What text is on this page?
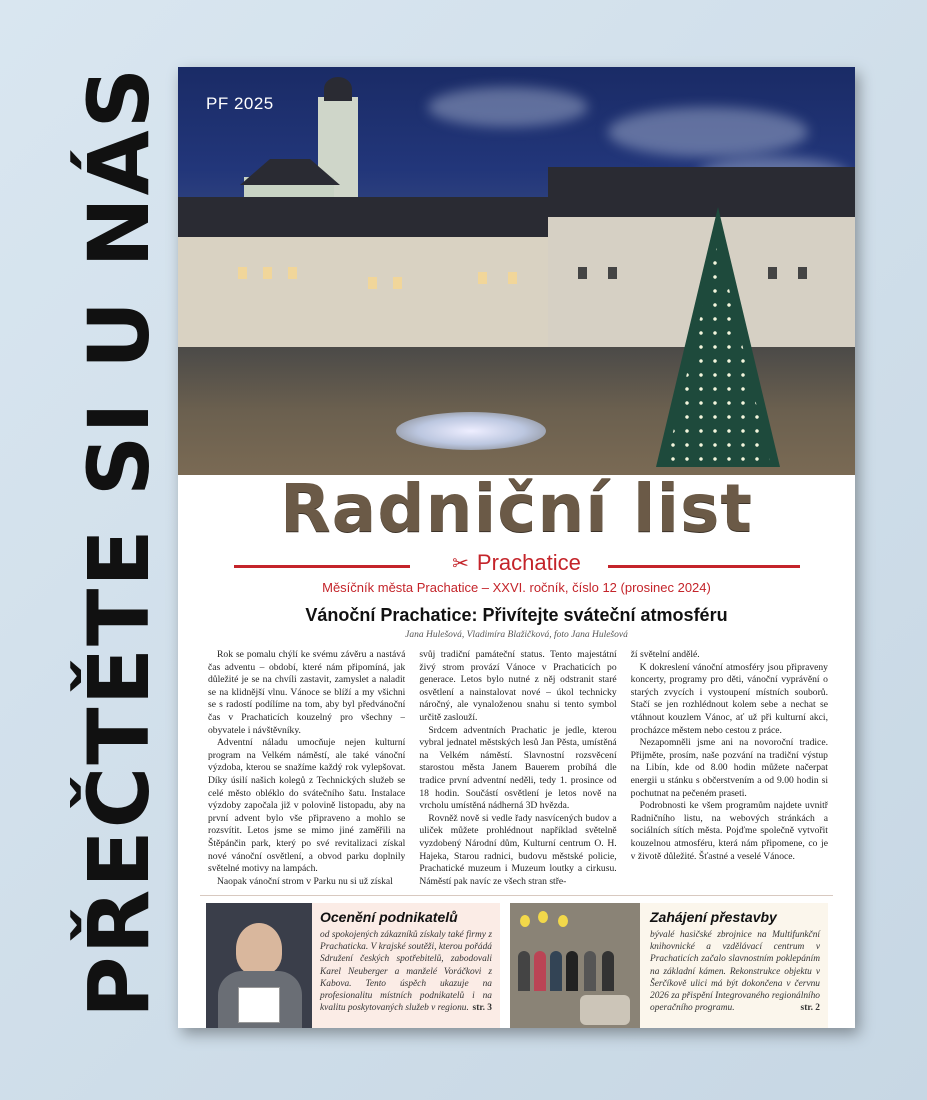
PŘEČTĚTE SI U NÁS	PF 2025
Radniční list
✂ Prachatice
Měsíčník města Prachatice – XXVI. ročník, číslo 12 (prosinec 2024)
Vánoční Prachatice: Přivítejte sváteční atmosféru
Jana Hulešová, Vladimíra Blažičková, foto Jana Hulešová

Rok se pomalu chýlí ke svému závěru a nastává čas adventu – období, které nám připomíná, jak důležité je se na chvíli zastavit, zamyslet a naladit se na klidnější vlnu. Vánoce se blíží a my všichni se s radostí podílíme na tom, aby byl předvánoční čas v Prachaticích kouzelný pro všechny – obyvatele i návštěvníky.

Adventní náladu umocňuje nejen kulturní program na Velkém náměstí, ale také vánoční výzdoba, kterou se snažíme každý rok vylepšovat. Díky úsilí našich kolegů z Technických služeb se celé město obléklo do svátečního šatu. Instalace výzdoby započala již v polovině listopadu, aby na první advent bylo vše připraveno a mohlo se rozsvítit. Letos jsme se mimo jiné zaměřili na Štěpánčin park, který po své revitalizaci získal nové vánoční osvětlení, a obvod parku doplnily světelné motivy na lampách.

Naopak vánoční strom v Parku nu si už získal

svůj tradiční památeční status. Tento majestátní živý strom provází Vánoce v Prachaticích po generace. Letos bylo nutné z něj odstranit staré osvětlení a nainstalovat nové – úkol technicky náročný, ale vynaloženou snahu si tento symbol určitě zaslouží.

Srdcem adventních Prachatic je jedle, kterou vybral jednatel městských lesů Jan Pěsta, umístěná na Velkém náměstí. Slavnostní rozsvěcení starostou města Janem Bauerem probíhá dle tradice první adventní neděli, tedy 1. prosince od 18 hodin. Součástí osvětlení je letos nově na vrcholu umístěná nádherná 3D hvězda.

Rovněž nově si vedle řady nasvícených budov a uliček můžete prohlédnout například světelně vyzdobený Národní dům, Kulturní centrum O. H. Hajeka, Starou radnici, budovu městské policie, Prachatické muzeum i Muzeum loutky a cirkusu. Náměstí pak navíc ze všech stran stře-

ží světelní andělé.

K dokreslení vánoční atmosféry jsou připraveny koncerty, programy pro děti, vánoční vyprávění o starých zvycích i vystoupení místních souborů. Stačí se jen rozhlédnout kolem sebe a nechat se vtáhnout kouzlem Vánoc, ať už při kulturní akci, procházce městem nebo cestou z práce.

Nezapomněli jsme ani na novoroční tradice. Přijměte, prosím, naše pozvání na tradiční výstup na Libín, kde od 8.00 hodin můžete načerpat energii u stánku s občerstvením a od 9.00 hodin si pochutnat na pečeném praseti.

Podrobnosti ke všem programům najdete uvnitř Radničního listu, na webových stránkách a sociálních sítích města. Pojďme společně vytvořit kouzelnou atmosféru, která nám připomene, co je v životě důležité. Šťastné a veselé Vánoce.

Ocenění podnikatelů
od spokojených zákazníků získaly také firmy z Prachaticka. V krajské soutěži, kterou pořádá Sdružení českých spotřebitelů, zabodovali Karel Neuberger a manželé Voráčkovi z Kabova. Tento úspěch ukazuje na profesionalitu místních podnikatelů i na kvalitu poskytovaných služeb v regionu. str. 3
Zahájení přestavby
bývalé hasičské zbrojnice na Multifunkční knihovnické a vzdělávací centrum v Prachaticích začalo slavnostním poklepáním na základní kámen. Rekonstrukce objektu v Šerčíkově ulici má být dokončena v červnu 2026 za přispění Integrovaného regionálního operačního programu.	str. 2
